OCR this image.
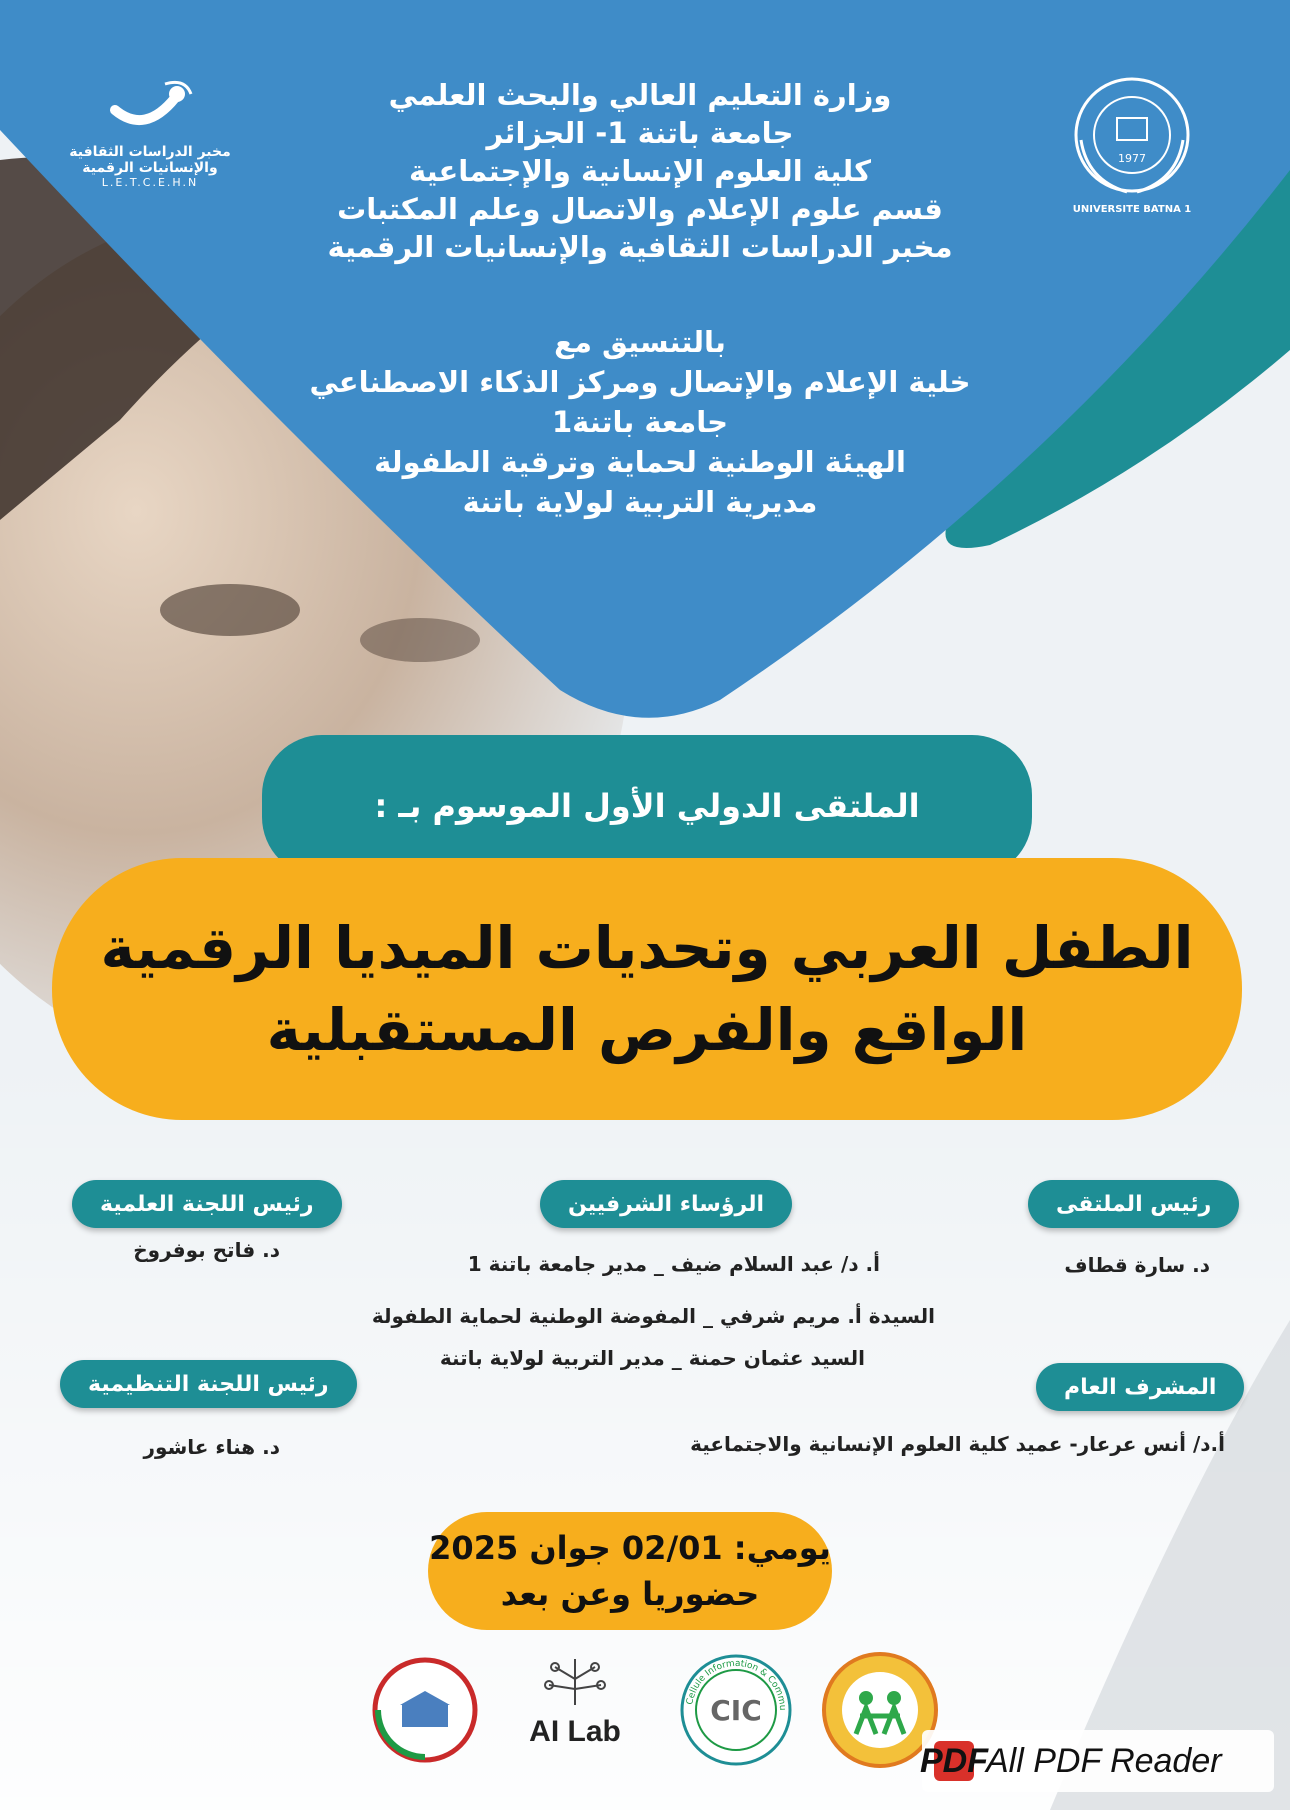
مخبر الدراسات الثقافية
والإنسانيات الرقمية
L.E.T.C.E.H.N
1977
UNIVERSITE BATNA 1
وزارة التعليم العالي والبحث العلمي
جامعة باتنة 1- الجزائر
كلية العلوم الإنسانية والإجتماعية
قسم علوم الإعلام والاتصال وعلم المكتبات
مخبر الدراسات الثقافية والإنسانيات الرقمية
بالتنسيق مع
خلية الإعلام والإتصال ومركز الذكاء الاصطناعي
جامعة باتنة1
الهيئة الوطنية لحماية وترقية الطفولة
مديرية التربية لولاية باتنة
الملتقى الدولي الأول الموسوم بـ :
الطفل العربي وتحديات الميديا الرقمية
الواقع والفرص المستقبلية
رئيس اللجنة العلمية
د. فاتح بوفروخ
الرؤساء الشرفيين
أ. د/ عبد السلام ضيف _ مدير جامعة باتنة 1
السيدة أ. مريم شرفي _ المفوضة الوطنية لحماية الطفولة
السيد عثمان حمنة _ مدير التربية لولاية باتنة
رئيس الملتقى
د. سارة قطاف
رئيس اللجنة التنظيمية
د. هناء عاشور
المشرف العام
أ.د/ أنس عرعار- عميد كلية العلوم الإنسانية والاجتماعية
يومي: 02/01 جوان 2025
حضوريا وعن بعد
AI Lab
CIC
Cellule Information & Commu
PDF
All PDF Reader
